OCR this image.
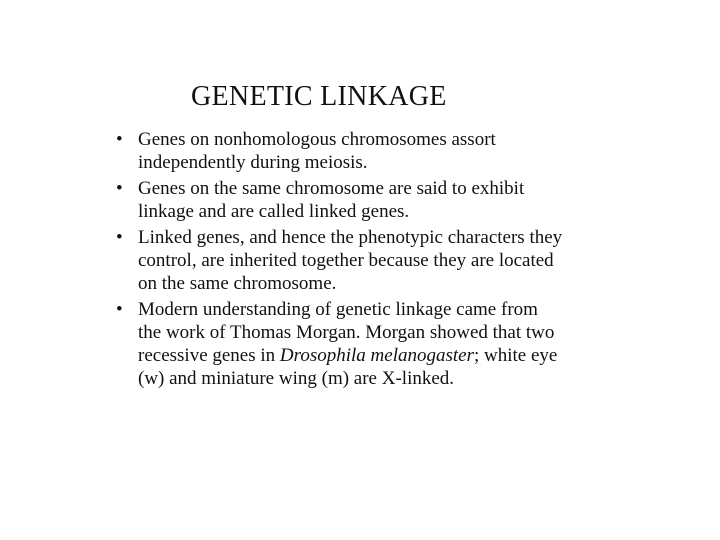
GENETIC LINKAGE
• Genes on nonhomologous chromosomes assort
independently during meiosis.
• Genes on the same chromosome are said to exhibit
linkage and are called linked genes.
• Linked genes, and hence the phenotypic characters they
control, are inherited together because they are located
on the same chromosome.
• Modern understanding of genetic linkage came from
the work of Thomas Morgan. Morgan showed that two
recessive genes in Drosophila melanogaster; white eye
(w) and miniature wing (m) are X-linked.
